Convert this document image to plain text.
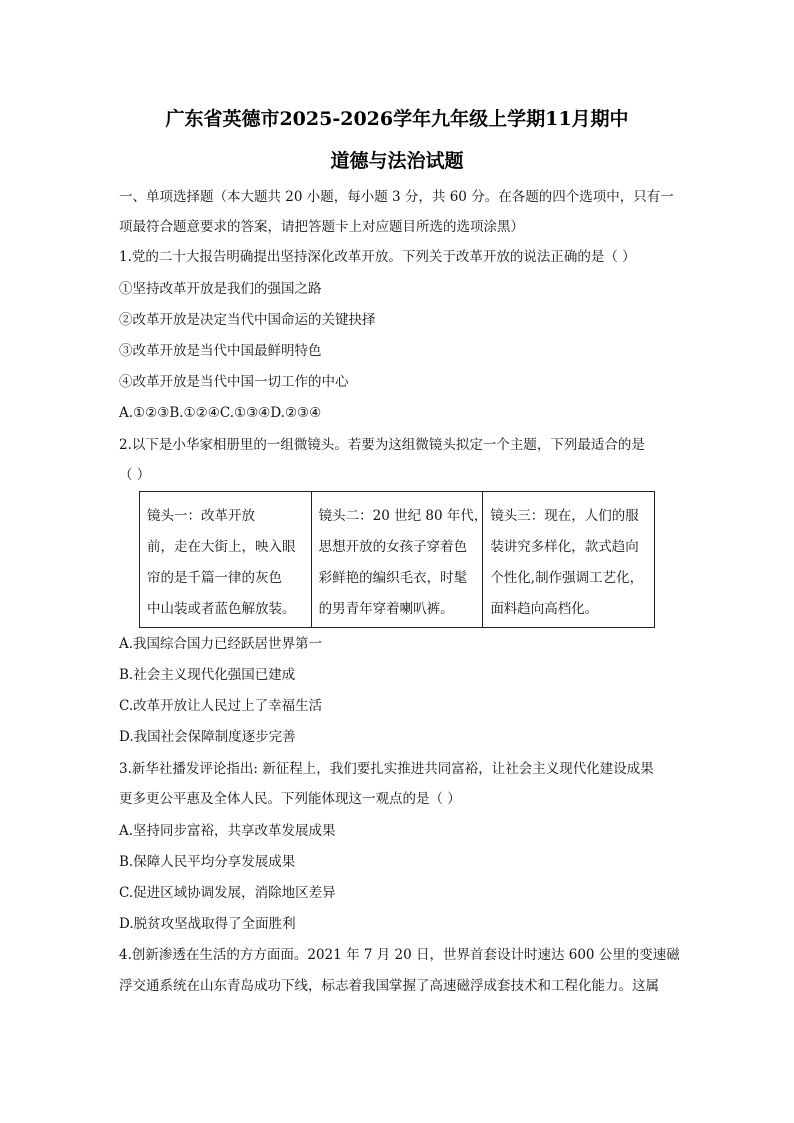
广东省英德市2025-2026学年九年级上学期11月期中
道德与法治试题
一、单项选择题（本大题共 20 小题，每小题 3 分，共 60 分。在各题的四个选项中，只有一
项最符合题意要求的答案，请把答题卡上对应题目所选的选项涂黑）
1.党的二十大报告明确提出坚持深化改革开放。下列关于改革开放的说法正确的是（ ）
①坚持改革开放是我们的强国之路
②改革开放是决定当代中国命运的关键抉择
③改革开放是当代中国最鲜明特色
④改革开放是当代中国一切工作的中心
A.①②③B.①②④C.①③④D.②③④
2.以下是小华家相册里的一组微镜头。若要为这组微镜头拟定一个主题，下列最适合的是
（ ）
镜头一：改革开放
前，走在大街上，映入眼
帘的是千篇一律的灰色
中山装或者蓝色解放装。

镜头二：20 世纪 80 年代，
思想开放的女孩子穿着色
彩鲜艳的编织毛衣，时髦
的男青年穿着喇叭裤。

镜头三：现在，人们的服
装讲究多样化，款式趋向
个性化,制作强调工艺化，
面料趋向高档化。
A.我国综合国力已经跃居世界第一
B.社会主义现代化强国已建成
C.改革开放让人民过上了幸福生活
D.我国社会保障制度逐步完善
3.新华社播发评论指出: 新征程上，我们要扎实推进共同富裕，让社会主义现代化建设成果
更多更公平惠及全体人民。下列能体现这一观点的是（ ）
A.坚持同步富裕，共享改革发展成果
B.保障人民平均分享发展成果
C.促进区域协调发展，消除地区差异
D.脱贫攻坚战取得了全面胜利
4.创新渗透在生活的方方面面。2021 年 7 月 20 日，世界首套设计时速达 600 公里的变速磁
浮交通系统在山东青岛成功下线，标志着我国掌握了高速磁浮成套技术和工程化能力。这属
